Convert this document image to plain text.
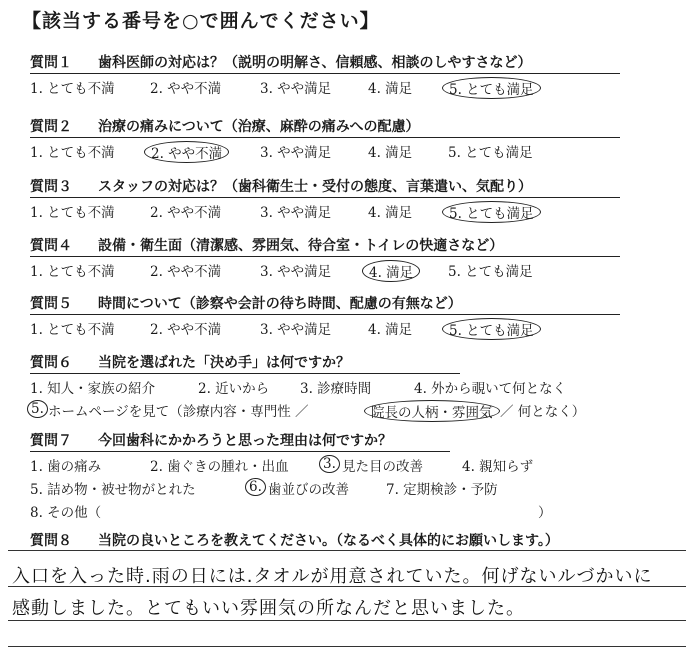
【該当する番号を○で囲んでください】
質問１ 歯科医師の対応は？（説明の明解さ、信頼感、相談のしやすさなど）
1. とても不満	2. やや不満	3. やや満足	4. 満足	5. とても満足
質問２ 治療の痛みについて（治療、麻酔の痛みへの配慮）
1. とても不満	2. やや不満	3. やや満足	4. 満足	5. とても満足
質問３ スタッフの対応は？（歯科衛生士・受付の態度、言葉遣い、気配り）
1. とても不満	2. やや不満	3. やや満足	4. 満足	5. とても満足
質問４ 設備・衛生面（清潔感、雰囲気、待合室・トイレの快適さなど）
1. とても不満	2. やや不満	3. やや満足	4. 満足	5. とても満足
質問５ 時間について（診察や会計の待ち時間、配慮の有無など）
1. とても不満	2. やや不満	3. やや満足	4. 満足	5. とても満足
質問６ 当院を選ばれた「決め手」は何ですか？
1. 知人・家族の紹介	2. 近いから 3. 診療時間	4. 外から覗いて何となく
5. ホームページを見て（診療内容・専門性 ／	院長の人柄・雰囲気 ／ 何となく）
質問７ 今回歯科にかかろうと思った理由は何ですか？
1. 歯の痛み	2. 歯ぐきの腫れ・出血	3. 見た目の改善	4. 親知らず
5. 詰め物・被せ物がとれた	6. 歯並びの改善	7. 定期検診・予防
8. その他（	）
質問８ 当院の良いところを教えてください。（なるべく具体的にお願いします。）
入口を入った時.雨の日には.タオルが用意されていた。何げないルづかいに
感動しました。とてもいい雰囲気の所なんだと思いました。
